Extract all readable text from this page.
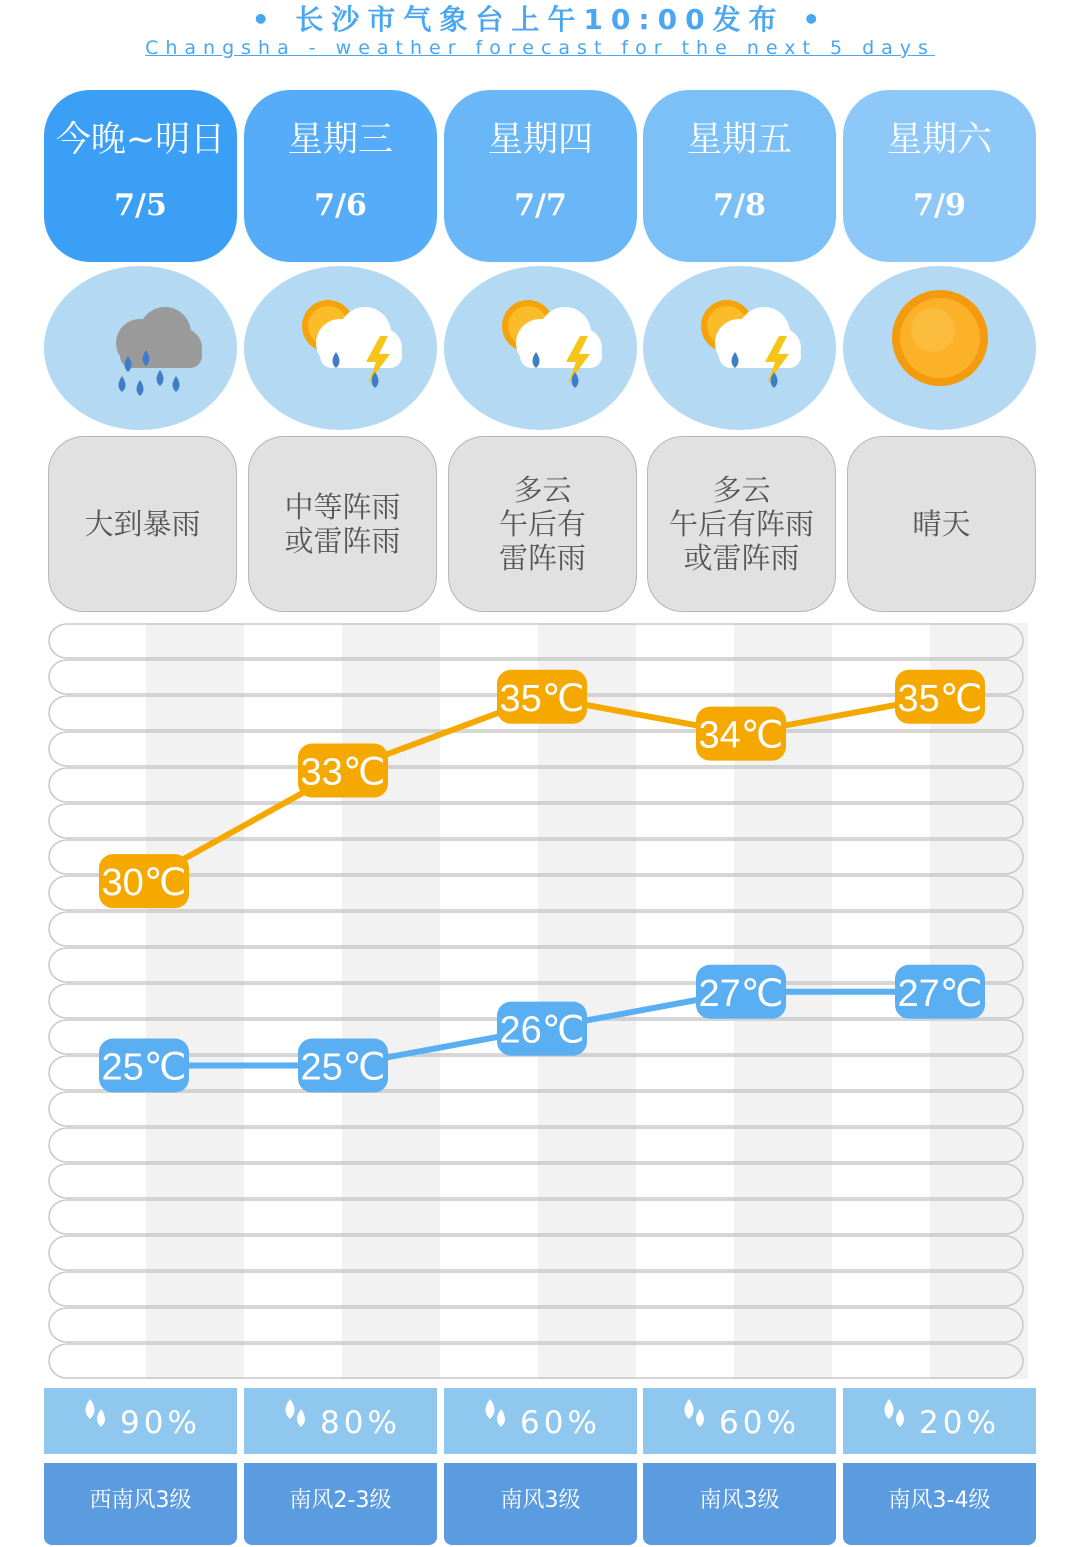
• 长沙市气象台上午10:00发布 •
Changsha - weather forecast for the next 5 days
今晚~明日
7/5
大到暴雨
90%
西南风3级
星期三
7/6
中等阵雨
或雷阵雨
80%
南风2-3级
星期四
7/7
多云
午后有
雷阵雨
60%
南风3级
星期五
7/8
多云
午后有阵雨
或雷阵雨
60%
南风3级
星期六
7/9
晴天
20%
南风3-4级
30℃
33℃
35℃
34℃
35℃
25℃	25℃
26℃
27℃	27℃
